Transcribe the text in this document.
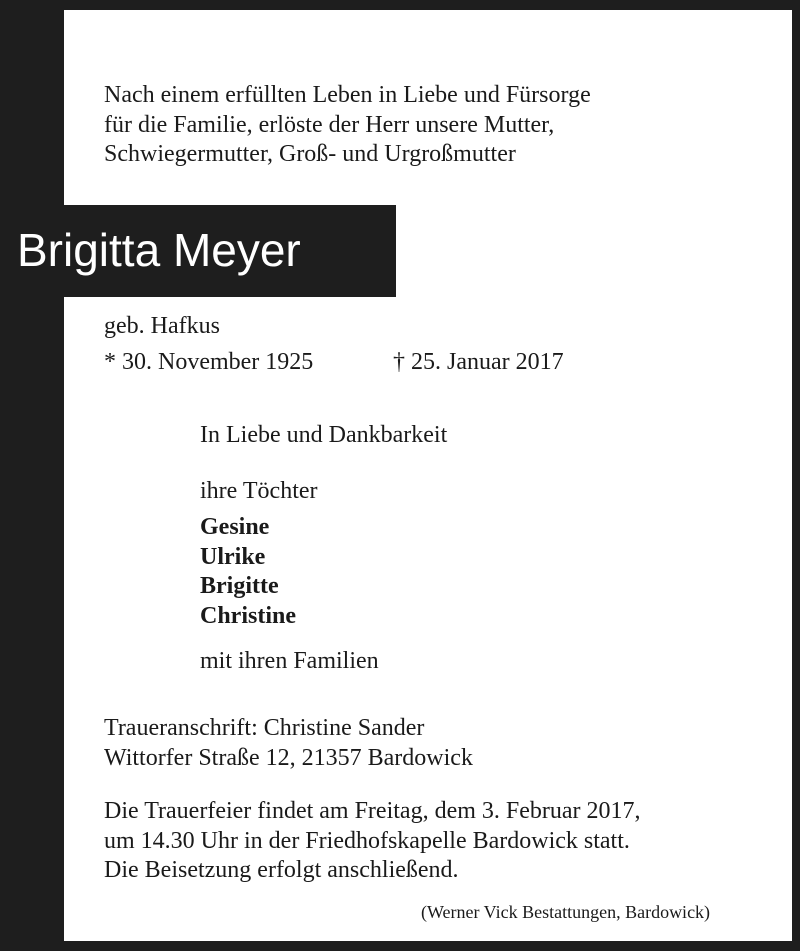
Nach einem erfüllten Leben in Liebe und Fürsorge
für die Familie, erlöste der Herr unsere Mutter,
Schwiegermutter, Groß- und Urgroßmutter
Brigitta Meyer
geb. Hafkus
* 30. November 1925	† 25. Januar 2017
In Liebe und Dankbarkeit
ihre Töchter
Gesine
Ulrike
Brigitte
Christine
mit ihren Familien
Traueranschrift: Christine Sander
Wittorfer Straße 12, 21357 Bardowick
Die Trauerfeier findet am Freitag, dem 3. Februar 2017,
um 14.30 Uhr in der Friedhofskapelle Bardowick statt.
Die Beisetzung erfolgt anschließend.
(Werner Vick Bestattungen, Bardowick)
